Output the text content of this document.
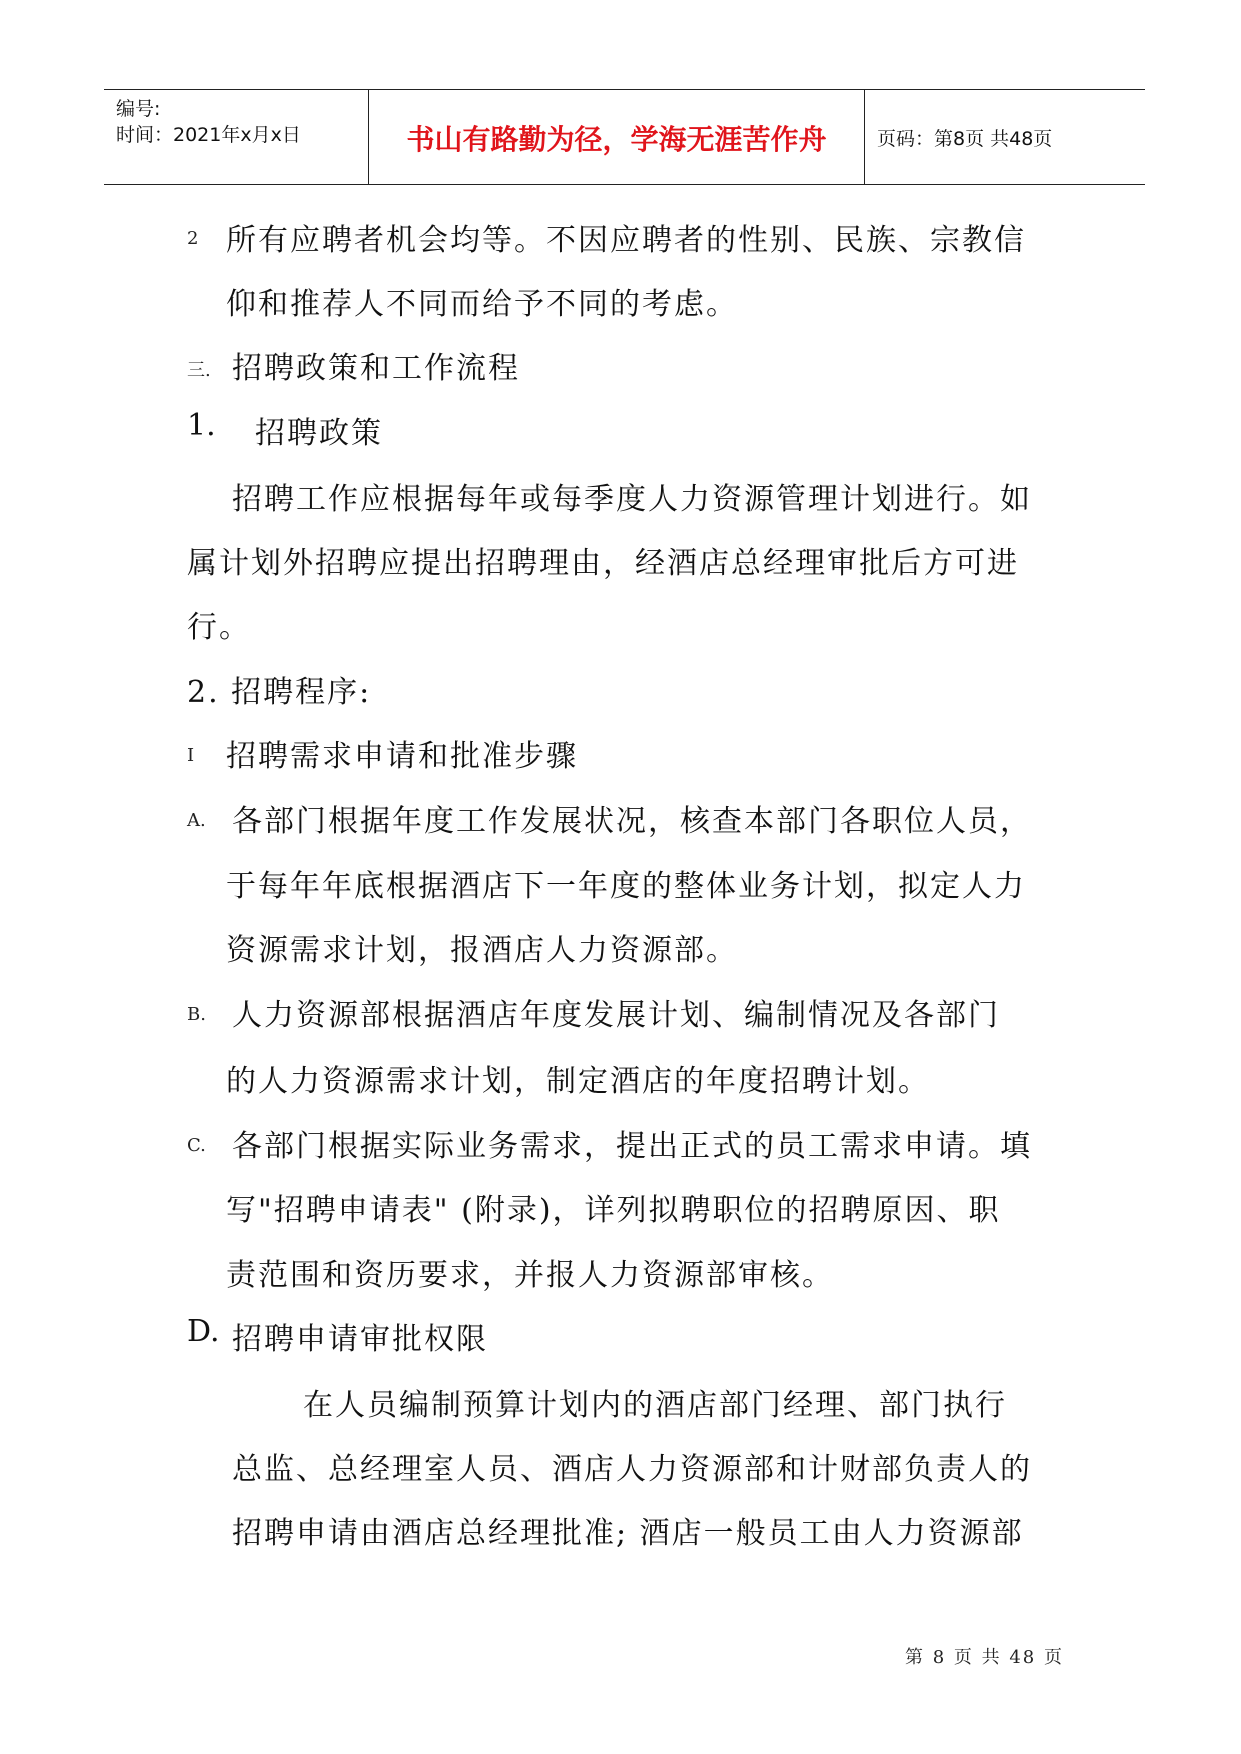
编号:
时间：2021年x月x日	书山有路勤为径，学海无涯苦作舟	页码：第8页 共48页
2 所有应聘者机会均等。不因应聘者的性别、民族、宗教信
仰和推荐人不同而给予不同的考虑。
三. 招聘政策和工作流程
1. 招聘政策
招聘工作应根据每年或每季度人力资源管理计划进行。如
属计划外招聘应提出招聘理由，经酒店总经理审批后方可进
行。
2. 招聘程序:
I 招聘需求申请和批准步骤
A. 各部门根据年度工作发展状况，核查本部门各职位人员，
于每年年底根据酒店下一年度的整体业务计划，拟定人力
资源需求计划，报酒店人力资源部。
B. 人力资源部根据酒店年度发展计划、编制情况及各部门
的人力资源需求计划，制定酒店的年度招聘计划。
C. 各部门根据实际业务需求，提出正式的员工需求申请。填
写"招聘申请表" (附录)，详列拟聘职位的招聘原因、职
责范围和资历要求，并报人力资源部审核。
D. 招聘申请审批权限
在人员编制预算计划内的酒店部门经理、部门执行
总监、总经理室人员、酒店人力资源部和计财部负责人的
招聘申请由酒店总经理批准; 酒店一般员工由人力资源部
第 8 页 共 48 页
